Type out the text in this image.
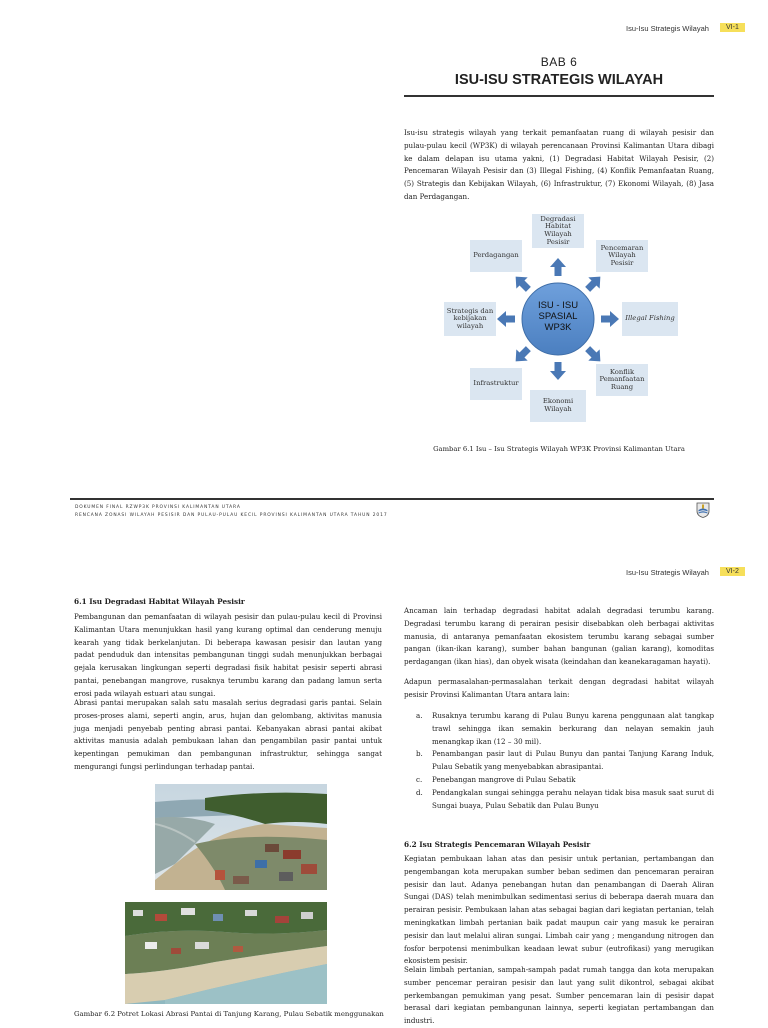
Isu-Isu Strategis Wilayah	VI-1
BAB 6
ISU-ISU STRATEGIS WILAYAH
Isu-isu strategis wilayah yang terkait pemanfaatan ruang di wilayah pesisir dan pulau-pulau kecil (WP3K) di wilayah perencanaan Provinsi Kalimantan Utara dibagi ke dalam delapan isu utama yakni, (1) Degradasi Habitat Wilayah Pesisir, (2) Pencemaran Wilayah Pesisir dan (3) Illegal Fishing, (4) Konflik Pemanfaatan Ruang, (5) Strategis dan Kebijakan Wilayah, (6) Infrastruktur, (7) Ekonomi Wilayah, (8) Jasa dan Perdagangan.
ISU - ISU
SPASIAL
WP3K
Degradasi Habitat Wilayah Pesisir
Pencemaran Wilayah Pesisir
Illegal Fishing
Konflik Pemanfaatan Ruang
Ekonomi Wilayah
Infrastruktur
Strategis dan kebijakan wilayah
Perdagangan
Gambar 6.1 Isu – Isu Strategis Wilayah WP3K Provinsi Kalimantan Utara
DOKUMEN FINAL RZWP3K PROVINSI KALIMANTAN UTARA
RENCANA ZONASI WILAYAH PESISIR DAN PULAU-PULAU KECIL PROVINSI KALIMANTAN UTARA TAHUN 2017
Isu-Isu Strategis Wilayah	VI-2
6.1 Isu Degradasi Habitat Wilayah Pesisir
Pembangunan dan pemanfaatan di wilayah pesisir dan pulau-pulau kecil di Provinsi Kalimantan Utara menunjukkan hasil yang kurang optimal dan cenderung menuju kearah yang tidak berkelanjutan. Di beberapa kawasan pesisir dan lautan yang padat penduduk dan intensitas pembangunan tinggi sudah menunjukkan berbagai gejala kerusakan lingkungan seperti degradasi fisik habitat pesisir seperti abrasi pantai, penebangan mangrove, rusaknya terumbu karang dan padang lamun serta erosi pada wilayah estuari atau sungai.
Abrasi pantai merupakan salah satu masalah serius degradasi garis pantai. Selain proses-proses alami, seperti angin, arus, hujan dan gelombang, aktivitas manusia juga menjadi penyebab penting abrasi pantai. Kebanyakan abrasi pantai akibat aktivitas manusia adalah pembukaan lahan dan pengambilan pasir pantai untuk kepentingan pemukiman dan pembangunan infrastruktur, sehingga sangat mengurangi fungsi perlindungan terhadap pantai.
Gambar 6.2 Potret Lokasi Abrasi Pantai di Tanjung Karang, Pulau Sebatik menggunakan
Ancaman lain terhadap degradasi habitat adalah degradasi terumbu karang. Degradasi terumbu karang di perairan pesisir disebabkan oleh berbagai aktivitas manusia, di antaranya pemanfaatan ekosistem terumbu karang sebagai sumber pangan (ikan-ikan karang), sumber bahan bangunan (galian karang), komoditas perdagangan (ikan hias), dan obyek wisata (keindahan dan keanekaragaman hayati).
Adapun permasalahan-permasalahan terkait dengan degradasi habitat wilayah pesisir Provinsi Kalimantan Utara antara lain:
a. Rusaknya terumbu karang di Pulau Bunyu karena penggunaan alat tangkap trawl sehingga ikan semakin berkurang dan nelayan semakin jauh menangkap ikan (12 – 30 mil).
b. Penambangan pasir laut di Pulau Bunyu dan pantai Tanjung Karang Induk, Pulau Sebatik yang menyebabkan abrasipantai.
c. Penebangan mangrove di Pulau Sebatik
d. Pendangkalan sungai sehingga perahu nelayan tidak bisa masuk saat surut di Sungai buaya, Pulau Sebatik dan Pulau Bunyu
6.2 Isu Strategis Pencemaran Wilayah Pesisir
Kegiatan pembukaan lahan atas dan pesisir untuk pertanian, pertambangan dan pengembangan kota merupakan sumber beban sedimen dan pencemaran perairan pesisir dan laut. Adanya penebangan hutan dan penambangan di Daerah Aliran Sungai (DAS) telah menimbulkan sedimentasi serius di beberapa daerah muara dan perairan pesisir. Pembukaan lahan atas sebagai bagian dari kegiatan pertanian, telah meningkatkan limbah pertanian baik padat maupun cair yang masuk ke perairan pesisir dan laut melalui aliran sungai. Limbah cair yang ; mengandung nitrogen dan fosfor berpotensi menimbulkan keadaan lewat subur (eutrofikasi) yang merugikan ekosistem pesisir.
Selain limbah pertanian, sampah-sampah padat rumah tangga dan kota merupakan sumber pencemar perairan pesisir dan laut yang sulit dikontrol, sebagai akibat perkembangan pemukiman yang pesat. Sumber pencemaran lain di pesisir dapat berasal dari kegiatan pembangunan lainnya, seperti kegiatan pertambangan dan industri.
